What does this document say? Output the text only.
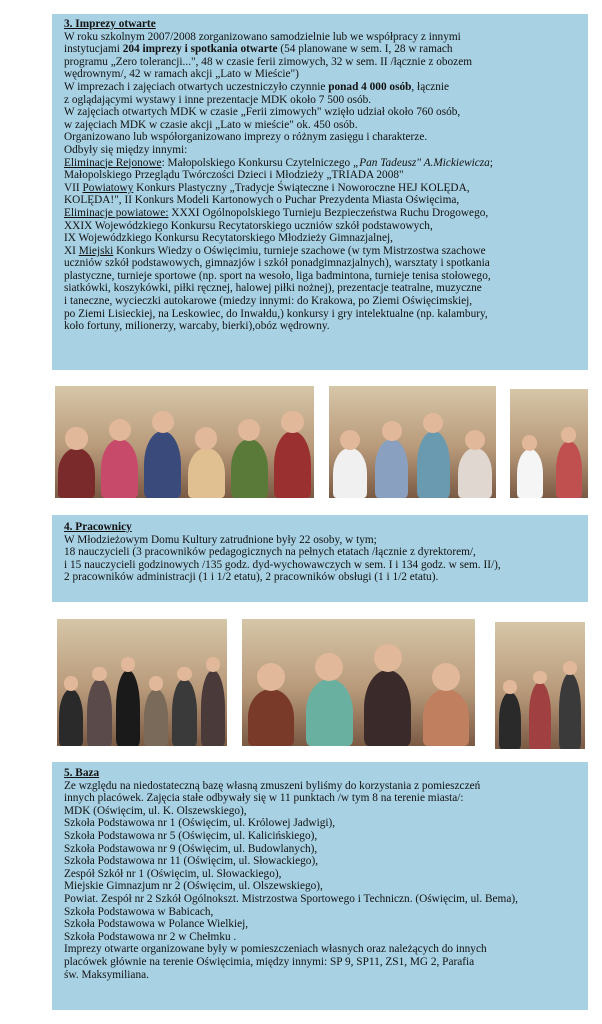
3. Imprezy otwarte

W roku szkolnym 2007/2008 zorganizowano samodzielnie lub we współpracy z innymi

instytucjami 204 imprezy i spotkania otwarte (54 planowane w sem. I, 28 w ramach

programu „Zero tolerancji...", 48 w czasie ferii zimowych, 32 w sem. II /łącznie z obozem

wędrownym/, 42 w ramach akcji „Lato w Mieście")

W imprezach i zajęciach otwartych uczestniczyło czynnie ponad 4 000 osób, łącznie

z oglądającymi wystawy i inne prezentacje MDK około 7 500 osób.

W zajęciach otwartych MDK w czasie „Ferii zimowych" wzięło udział około 760 osób,

w zajęciach MDK w czasie akcji „Lato w mieście" ok. 450 osób.

Organizowano lub współorganizowano imprezy o różnym zasięgu i charakterze.

Odbyły się między innymi:

Eliminacje Rejonowe: Małopolskiego Konkursu Czytelniczego „Pan Tadeusz" A.Mickiewicza;

Małopolskiego Przeglądu Twórczości Dzieci i Młodzieży „TRIADA 2008"

VII Powiatowy Konkurs Plastyczny „Tradycje Świąteczne i Noworoczne HEJ KOLĘDA,

KOLĘDA!", II Konkurs Modeli Kartonowych o Puchar Prezydenta Miasta Oświęcima,

Eliminacje powiatowe: XXXI Ogólnopolskiego Turnieju Bezpieczeństwa Ruchu Drogowego,

XXIX Wojewódzkiego Konkursu Recytatorskiego uczniów szkół podstawowych,

IX Wojewódzkiego Konkursu Recytatorskiego Młodzieży Gimnazjalnej,

XI Miejski Konkurs Wiedzy o Oświęcimiu, turnieje szachowe (w tym Mistrzostwa szachowe

uczniów szkół podstawowych, gimnazjów i szkół ponadgimnazjalnych), warsztaty i spotkania

plastyczne, turnieje sportowe (np. sport na wesoło, liga badmintona, turnieje tenisa stołowego,

siatkówki, koszykówki, piłki ręcznej, halowej piłki nożnej), prezentacje teatralne, muzyczne

i taneczne, wycieczki autokarowe (miedzy innymi: do Krakowa, po Ziemi Oświęcimskiej,

po Ziemi Lisieckiej, na Leskowiec, do Inwałdu,) konkursy i gry intelektualne (np. kalambury,

koło fortuny, milionerzy, warcaby, bierki),obóz wędrowny.

4. Pracownicy

W Młodzieżowym Domu Kultury zatrudnione były 22 osoby, w tym;

18 nauczycieli (3 pracowników pedagogicznych na pełnych etatach /łącznie z dyrektorem/,

i 15 nauczycieli godzinowych /135 godz. dyd-wychowawczych w sem. I i 134 godz. w sem. II/),

2 pracowników administracji (1 i 1/2 etatu), 2 pracowników obsługi (1 i 1/2 etatu).

5. Baza

Ze względu na niedostateczną bazę własną zmuszeni byliśmy do korzystania z pomieszczeń

innych placówek. Zajęcia stałe odbywały się w 11 punktach /w tym 8 na terenie miasta/:

MDK (Oświęcim, ul. K. Olszewskiego),

Szkoła Podstawowa nr 1 (Oświęcim, ul. Królowej Jadwigi),

Szkoła Podstawowa nr 5 (Oświęcim, ul. Kalicińskiego),

Szkoła Podstawowa nr 9 (Oświęcim, ul. Budowlanych),

Szkoła Podstawowa nr 11 (Oświęcim, ul. Słowackiego),

Zespół Szkół nr 1 (Oświęcim, ul. Słowackiego),

Miejskie Gimnazjum nr 2 (Oświęcim, ul. Olszewskiego),

Powiat. Zespół nr 2 Szkół Ogólnokszt. Mistrzostwa Sportowego i Techniczn. (Oświęcim, ul. Bema),

Szkoła Podstawowa w Babicach,

Szkoła Podstawowa w Polance Wielkiej,

Szkoła Podstawowa nr 2 w Chełmku .

Imprezy otwarte organizowane były w pomieszczeniach własnych oraz należących do innych

placówek głównie na terenie Oświęcimia, między innymi: SP 9, SP11, ZS1, MG 2, Parafia

św. Maksymiliana.
